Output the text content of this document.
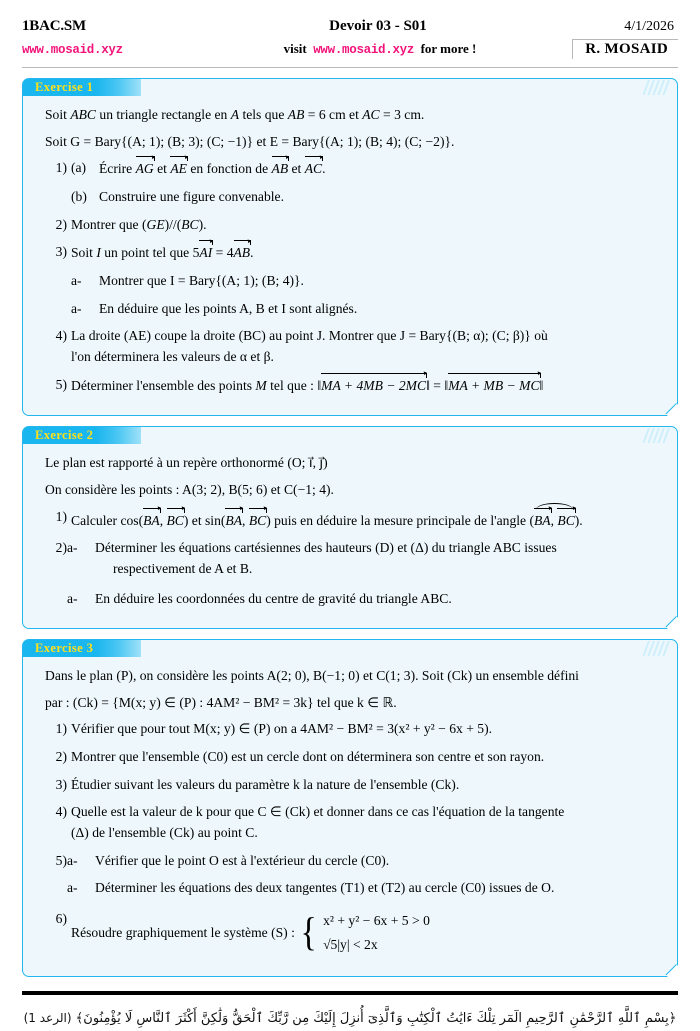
1BAC.SM	Devoir 03 - S01	4/1/2026
www.mosaid.xyz	visit www.mosaid.xyz for more !	R. MOSAID
Exercise 1
Soit ABC un triangle rectangle en A tels que AB = 6 cm et AC = 3 cm.
Soit G = Bary{(A; 1); (B; 3); (C; −1)} et E = Bary{(A; 1); (B; 4); (C; −2)}.
1) (a) Écrire AG et AE en fonction de AB et AC.
(b) Construire une figure convenable.
2) Montrer que (GE)//(BC).
3) Soit I un point tel que 5AI = 4AB.
a-	Montrer que I = Bary{(A; 1); (B; 4)}.
a-	En déduire que les points A, B et I sont alignés.
4) La droite (AE) coupe la droite (BC) au point J. Montrer que J = Bary{(B; α); (C; β)} où
l'on déterminera les valeurs de α et β.
5) Déterminer l'ensemble des points M tel que : ‖MA + 4MB − 2MC‖ = ‖MA + MB − MC‖
Exercise 2
Le plan est rapporté à un repère orthonormé (O; i⃗, j⃗)
On considère les points : A(3; 2), B(5; 6) et C(−1; 4).
1) Calculer cos(BA, BC) et sin(BA, BC) puis en déduire la mesure principale de l'angle (BA, BC).
2) a-	Déterminer les équations cartésiennes des hauteurs (D) et (Δ) du triangle ABC issues
respectivement de A et B.
a-	En déduire les coordonnées du centre de gravité du triangle ABC.
Exercise 3
Dans le plan (P), on considère les points A(2; 0), B(−1; 0) et C(1; 3). Soit (Ck) un ensemble défini
par : (Ck) = {M(x; y) ∈ (P) : 4AM² − BM² = 3k} tel que k ∈ ℝ.
1) Vérifier que pour tout M(x; y) ∈ (P) on a 4AM² − BM² = 3(x² + y² − 6x + 5).
2) Montrer que l'ensemble (C0) est un cercle dont on déterminera son centre et son rayon.
3) Étudier suivant les valeurs du paramètre k la nature de l'ensemble (Ck).
4) Quelle est la valeur de k pour que C ∈ (Ck) et donner dans ce cas l'équation de la tangente
(Δ) de l'ensemble (Ck) au point C.
5) a-	Vérifier que le point O est à l'extérieur du cercle (C0).
a-	Déterminer les équations des deux tangentes (T1) et (T2) au cercle (C0) issues de O.
6)
Résoudre graphiquement le système (S) : { x² + y² − 6x + 5 > 0
√5|y| < 2x
﴿بِسْمِ ٱللَّهِ ٱلرَّحْمَٰنِ ٱلرَّحِيمِ الٓمٓر تِلْكَ ءَايَٰتُ ٱلْكِتَٰبِ وَٱلَّذِىٓ أُنزِلَ إِلَيْكَ مِن رَّبِّكَ ٱلْحَقُّ وَلَٰكِنَّ أَكْثَرَ ٱلنَّاسِ لَا يُؤْمِنُونَ﴾ (الرعد 1)
